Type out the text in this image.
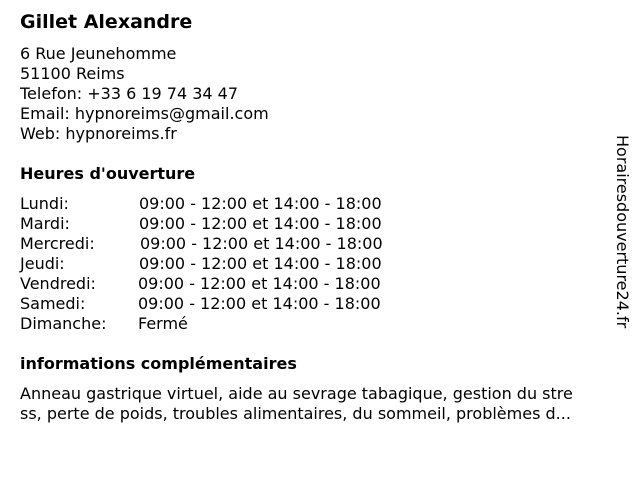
Gillet Alexandre
6 Rue Jeunehomme
51100 Reims
Telefon: +33 6 19 74 34 47
Email: hypnoreims@gmail.com
Web: hypnoreims.fr
Heures d'ouverture
Lundi:	09:00 - 12:00 et 14:00 - 18:00
Mardi:	09:00 - 12:00 et 14:00 - 18:00
Mercredi:	09:00 - 12:00 et 14:00 - 18:00
Jeudi:	09:00 - 12:00 et 14:00 - 18:00
Vendredi:	09:00 - 12:00 et 14:00 - 18:00
Samedi:	09:00 - 12:00 et 14:00 - 18:00
Dimanche: Fermé
informations complémentaires
Anneau gastrique virtuel, aide au sevrage tabagique, gestion du stre
ss, perte de poids, troubles alimentaires, du sommeil, problèmes d...
Horairesdouverture24.fr
